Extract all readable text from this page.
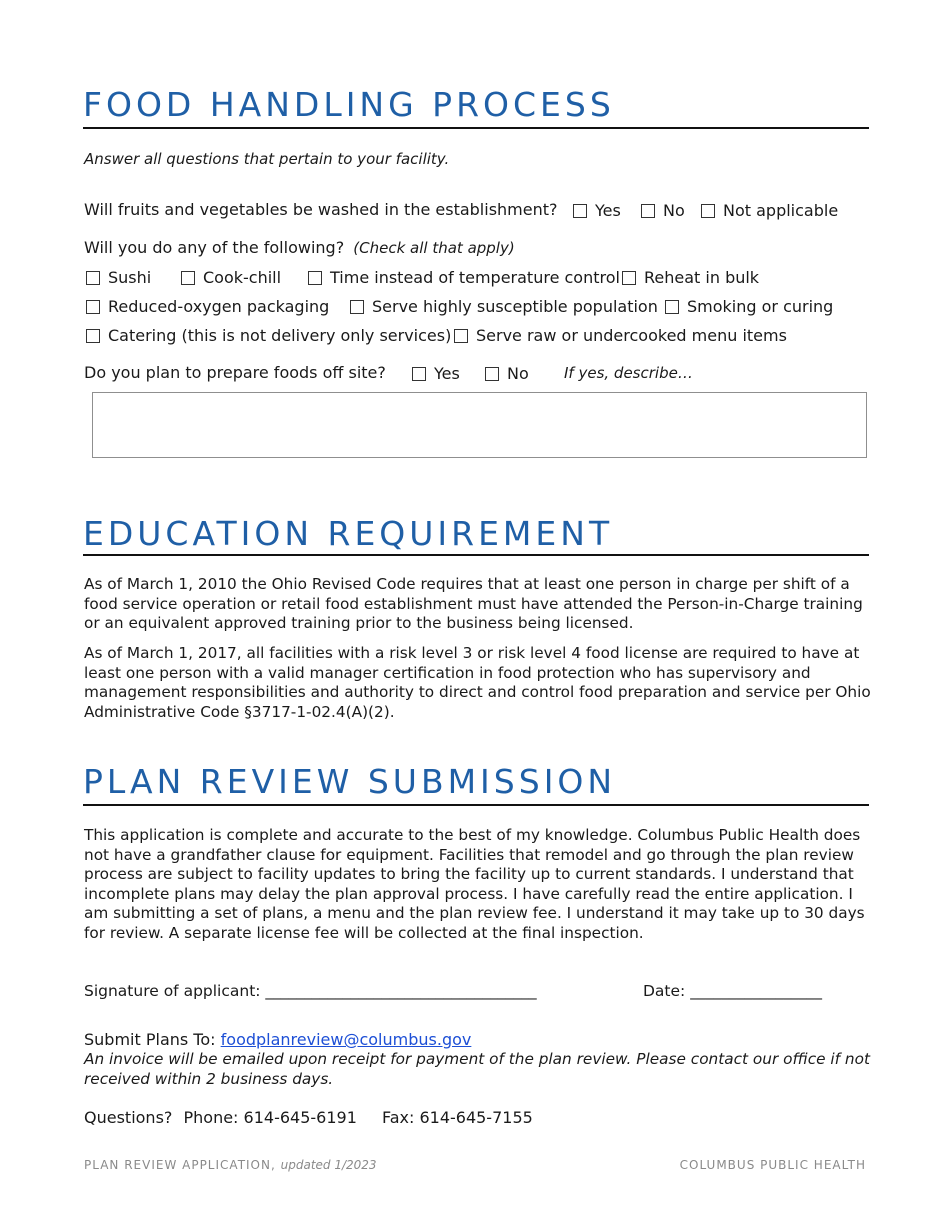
FOOD HANDLING PROCESS
Answer all questions that pertain to your facility.
Will fruits and vegetables be washed in the establishment? Yes	No Not applicable
Will you do any of the following? (Check all that apply)
Sushi	Cook-chill	Time instead of temperature control Reheat in bulk
Reduced-oxygen packaging	Serve highly susceptible population Smoking or curing
Catering (this is not delivery only services) Serve raw or undercooked menu items
Do you plan to prepare foods off site?	Yes	No If yes, describe…
EDUCATION REQUIREMENT

As of March 1, 2010 the Ohio Revised Code requires that at least one person in charge per shift of a food service operation or retail food establishment must have attended the Person-in-Charge training or an equivalent approved training prior to the business being licensed.

As of March 1, 2017, all facilities with a risk level 3 or risk level 4 food license are required to have at least one person with a valid manager certification in food protection who has supervisory and management responsibilities and authority to direct and control food preparation and service per Ohio Administrative Code §3717-1-02.4(A)(2).

PLAN REVIEW SUBMISSION

This application is complete and accurate to the best of my knowledge. Columbus Public Health does not have a grandfather clause for equipment. Facilities that remodel and go through the plan review process are subject to facility updates to bring the facility up to current standards. I understand that incomplete plans may delay the plan approval process. I have carefully read the entire application. I am submitting a set of plans, a menu and the plan review fee. I understand it may take up to 30 days for review. A separate license fee will be collected at the final inspection.

Signature of applicant: ___________________________________	Date: _________________
Submit Plans To: foodplanreview@columbus.gov

An invoice will be emailed upon receipt for payment of the plan review. Please contact our office if not received within 2 business days.

Questions? Phone: 614-645-6191 Fax: 614-645-7155
PLAN REVIEW APPLICATION, updated 1/2023	COLUMBUS PUBLIC HEALTH
